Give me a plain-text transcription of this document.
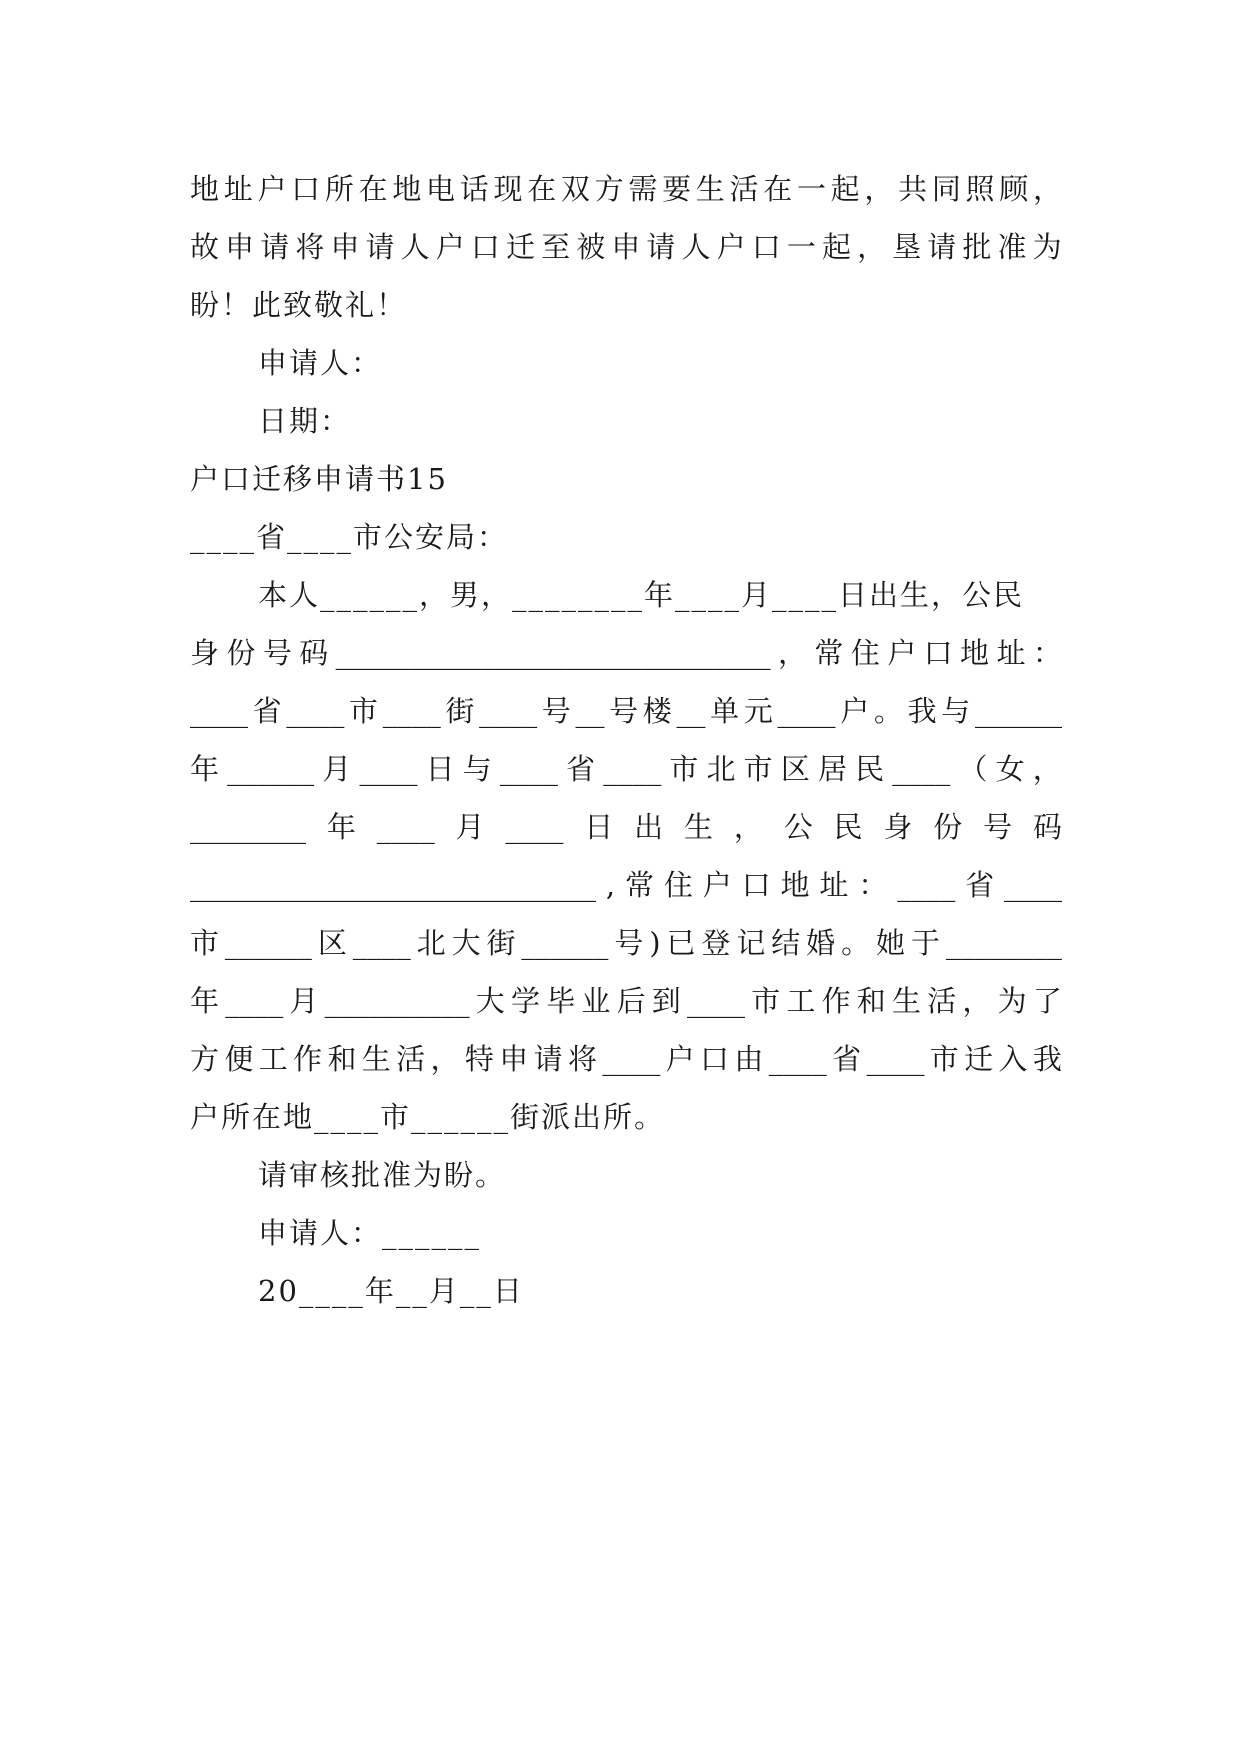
地 址 户 口 所 在 地 电 话 现 在 双 方 需 要 生 活 在 一 起 ， 共 同 照 顾 ，
故 申 请 将 申 请 人 户 口 迁 至 被 申 请 人 户 口 一 起 ， 垦 请 批 准 为
盼！此致敬礼！
申请人：
日期：
户口迁移申请书15
____省____市公安局：
本人______，男，________年____月____日出生，公民
身 份 号 码 ______________________________ ， 常 住 户 口 地 址 ：
____ 省 ____ 市 ____ 街 ____ 号 __ 号 楼 __ 单 元 ____ 户 。 我 与 ______
年 ______ 月 ____ 日 与 ____ 省 ____ 市 北 市 区 居 民 ____ （ 女 ，
________ 年 ____ 月 ____ 日 出 生 ， 公 民 身 份 号 码
____________________________ , 常 住 户 口 地 址 ： ____ 省 ____
市 ______ 区 ____ 北 大 街 ______ 号 ) 已 登 记 结 婚 。 她 于 ________
年 ____ 月 __________ 大 学 毕 业 后 到 ____ 市 工 作 和 生 活 ， 为 了
方 便 工 作 和 生 活 ， 特 申 请 将 ____ 户 口 由 ____ 省 ____ 市 迁 入 我
户所在地____市______街派出所。
请审核批准为盼。
申请人：______
20____年__月__日
